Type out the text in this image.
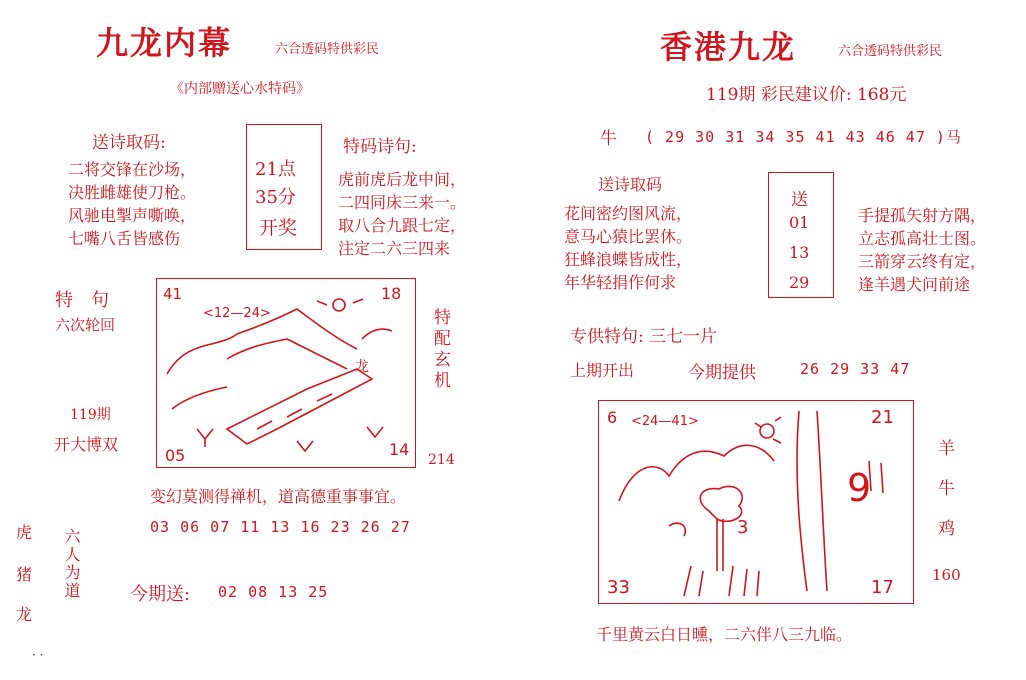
九龙内幕	六合透码特供彩民
《内部赠送心水特码》
送诗取码:
二将交锋在沙场，
决胜雌雄使刀枪。
风驰电掣声嘶唤，
七嘴八舌皆感伤
21点
35分
开奖
特码诗句:
虎前虎后龙中间，
二四同床三来一。
取八合九跟七定，
注定二六三四来
特　句
六次轮回
119期
开大博双
41
<12—24>
18
05	14
龙	特配玄机
214
变幻莫测得禅机，道高德重事事宜。
03 06 07 11 13 16 23 26 27
虎
猪
龙
六人为道	今期送: 02 08 13 25
· ·
香港九龙	六合透码特供彩民
119期 彩民建议价: 168元
牛 ( 29 30 31 34 35 41 43 46 47 )马
送诗取码
花间密约图风流，
意马心猿比罢休。
狂蜂浪蝶皆成性，
年华轻捐作何求
送
01
13
29
手提孤矢射方隅，
立志孤高壮士图。
三箭穿云终有定，
逢羊遇犬问前途
专供特句: 三七一片
上期开出	今期提供	26 29 33 47
6 <24—41>	21
33	17
9
3
羊
牛
鸡
160
千里黄云白日曛，二六伴八三九临。
